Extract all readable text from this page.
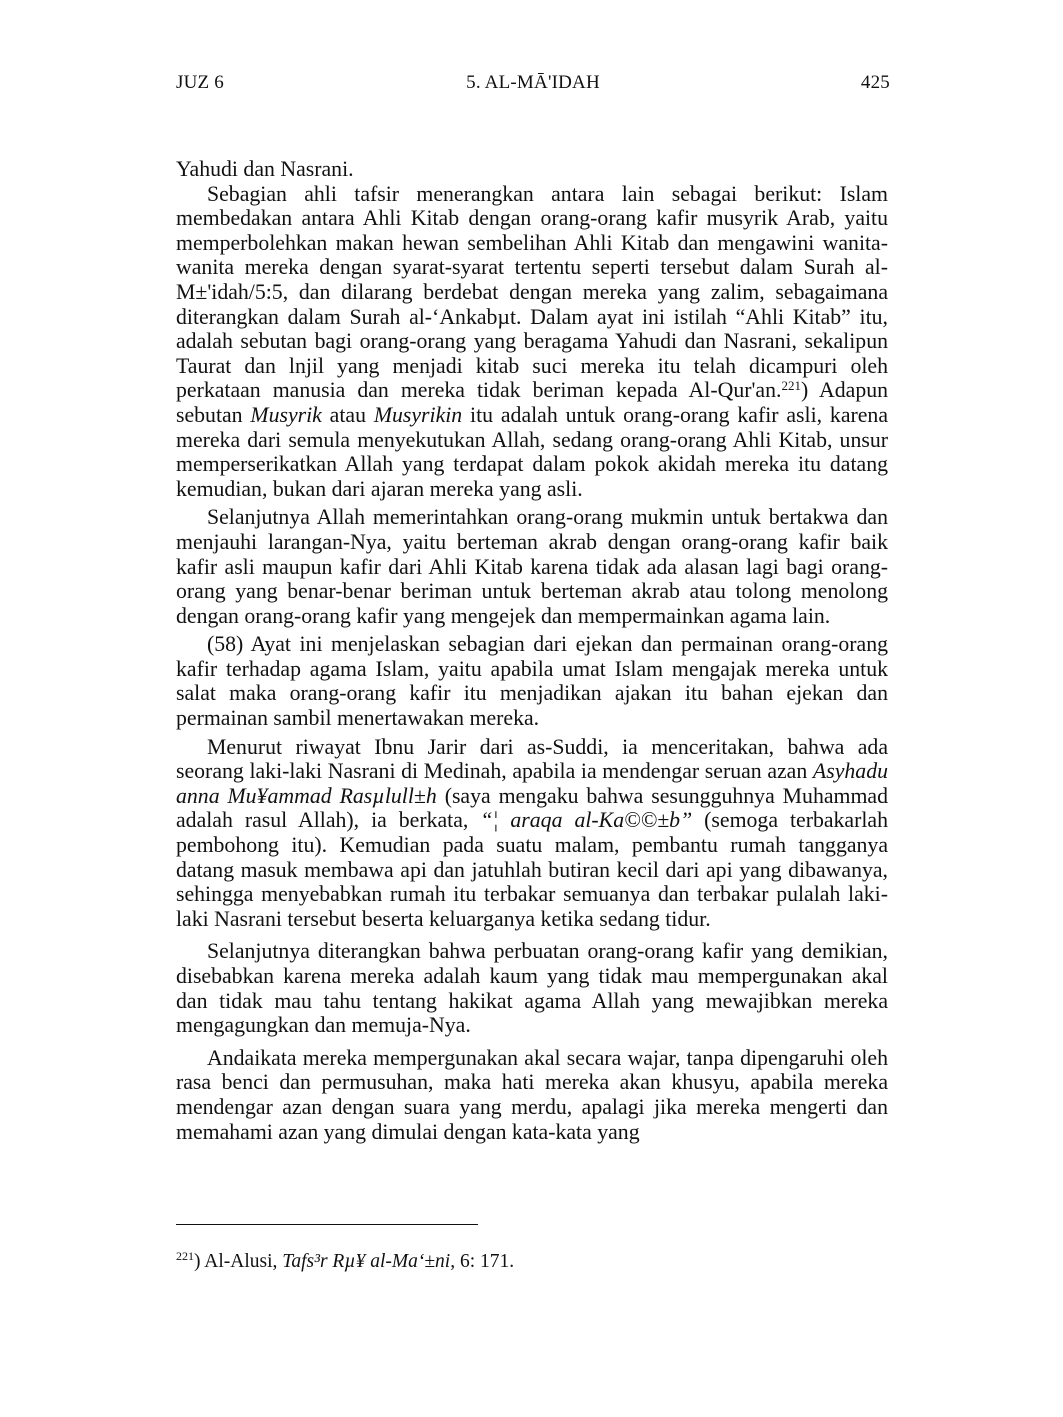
JUZ 6	5. AL-MĀ'IDAH	425

Yahudi dan Nasrani.

Sebagian ahli tafsir menerangkan antara lain sebagai berikut: Islam membedakan antara Ahli Kitab dengan orang-orang kafir musyrik Arab, yaitu memperbolehkan makan hewan sembelihan Ahli Kitab dan mengawini wanita-wanita mereka dengan syarat-syarat tertentu seperti tersebut dalam Surah al-M±'idah/5:5, dan dilarang berdebat dengan mereka yang zalim, sebagaimana diterangkan dalam Surah al-‘Ankabµt. Dalam ayat ini istilah “Ahli Kitab” itu, adalah sebutan bagi orang-orang yang beragama Yahudi dan Nasrani, sekalipun Taurat dan lnjil yang menjadi kitab suci mereka itu telah dicampuri oleh perkataan manusia dan mereka tidak beriman kepada Al-Qur'an.$^{221}$) Adapun sebutan Musyrik atau Musyrikin itu adalah untuk orang-orang kafir asli, karena mereka dari semula menyekutukan Allah, sedang orang-orang Ahli Kitab, unsur memperserikatkan Allah yang terdapat dalam pokok akidah mereka itu datang kemudian, bukan dari ajaran mereka yang asli.

Selanjutnya Allah memerintahkan orang-orang mukmin untuk bertakwa dan menjauhi larangan-Nya, yaitu berteman akrab dengan orang-orang kafir baik kafir asli maupun kafir dari Ahli Kitab karena tidak ada alasan lagi bagi orang-orang yang benar-benar beriman untuk berteman akrab atau tolong menolong dengan orang-orang kafir yang mengejek dan mempermainkan agama lain.

(58) Ayat ini menjelaskan sebagian dari ejekan dan permainan orang-orang kafir terhadap agama Islam, yaitu apabila umat Islam mengajak mereka untuk salat maka orang-orang kafir itu menjadikan ajakan itu bahan ejekan dan permainan sambil menertawakan mereka.

Menurut riwayat Ibnu Jarir dari as-Suddi, ia menceritakan, bahwa ada seorang laki-laki Nasrani di Medinah, apabila ia mendengar seruan azan Asyhadu anna Mu¥ammad Rasµlull±h (saya mengaku bahwa sesungguhnya Muhammad adalah rasul Allah), ia berkata, “¦ araqa al-Ka©©±b” (semoga terbakarlah pembohong itu). Kemudian pada suatu malam, pembantu rumah tangganya datang masuk membawa api dan jatuhlah butiran kecil dari api yang dibawanya, sehingga menyebabkan rumah itu terbakar semuanya dan terbakar pulalah laki-laki Nasrani tersebut beserta keluarganya ketika sedang tidur.

Selanjutnya diterangkan bahwa perbuatan orang-orang kafir yang demikian, disebabkan karena mereka adalah kaum yang tidak mau mempergunakan akal dan tidak mau tahu tentang hakikat agama Allah yang mewajibkan mereka mengagungkan dan memuja-Nya.

Andaikata mereka mempergunakan akal secara wajar, tanpa dipengaruhi oleh rasa benci dan permusuhan, maka hati mereka akan khusyu, apabila mereka mendengar azan dengan suara yang merdu, apalagi jika mereka mengerti dan memahami azan yang dimulai dengan kata-kata yang

$^{221}$) Al-Alusi, Tafs³r Rµ¥ al-Ma‘±ni, 6: 171.
